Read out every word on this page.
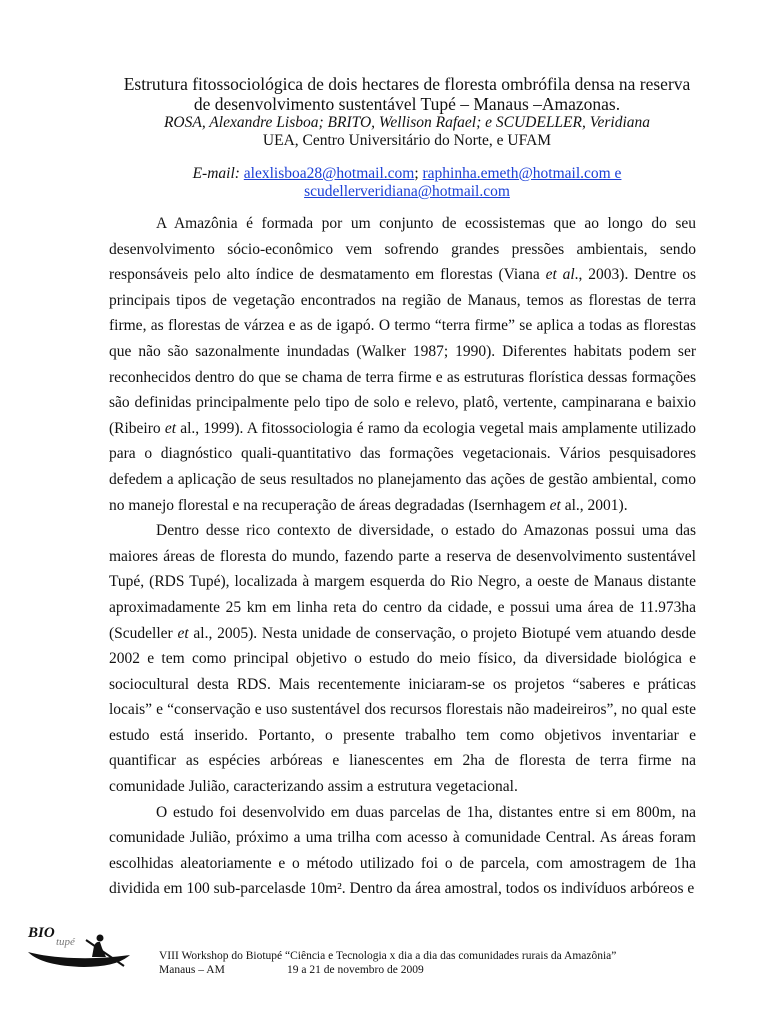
Estrutura fitossociológica de dois hectares de floresta ombrófila densa na reserva
de desenvolvimento sustentável Tupé – Manaus –Amazonas.
ROSA, Alexandre Lisboa; BRITO, Wellison Rafael; e SCUDELLER, Veridiana
UEA, Centro Universitário do Norte, e UFAM
E-mail: alexlisboa28@hotmail.com; raphinha.emeth@hotmail.com e
scudellerveridiana@hotmail.com

A Amazônia é formada por um conjunto de ecossistemas que ao longo do seu desenvolvimento sócio-econômico vem sofrendo grandes pressões ambientais, sendo responsáveis pelo alto índice de desmatamento em florestas (Viana et al., 2003). Dentre os principais tipos de vegetação encontrados na região de Manaus, temos as florestas de terra firme, as florestas de várzea e as de igapó. O termo “terra firme” se aplica a todas as florestas que não são sazonalmente inundadas (Walker 1987; 1990). Diferentes habitats podem ser reconhecidos dentro do que se chama de terra firme e as estruturas florística dessas formações são definidas principalmente pelo tipo de solo e relevo, platô, vertente, campinarana e baixio (Ribeiro et al., 1999). A fitossociologia é ramo da ecologia vegetal mais amplamente utilizado para o diagnóstico quali-quantitativo das formações vegetacionais. Vários pesquisadores defedem a aplicação de seus resultados no planejamento das ações de gestão ambiental, como no manejo florestal e na recuperação de áreas degradadas (Isernhagem et al., 2001).

Dentro desse rico contexto de diversidade, o estado do Amazonas possui uma das maiores áreas de floresta do mundo, fazendo parte a reserva de desenvolvimento sustentável Tupé, (RDS Tupé), localizada à margem esquerda do Rio Negro, a oeste de Manaus distante aproximadamente 25 km em linha reta do centro da cidade, e possui uma área de 11.973ha (Scudeller et al., 2005). Nesta unidade de conservação, o projeto Biotupé vem atuando desde 2002 e tem como principal objetivo o estudo do meio físico, da diversidade biológica e sociocultural desta RDS. Mais recentemente iniciaram-se os projetos “saberes e práticas locais” e “conservação e uso sustentável dos recursos florestais não madeireiros”, no qual este estudo está inserido. Portanto, o presente trabalho tem como objetivos inventariar e quantificar as espécies arbóreas e lianescentes em 2ha de floresta de terra firme na comunidade Julião, caracterizando assim a estrutura vegetacional.

O estudo foi desenvolvido em duas parcelas de 1ha, distantes entre si em 800m, na comunidade Julião, próximo a uma trilha com acesso à comunidade Central. As áreas foram escolhidas aleatoriamente e o método utilizado foi o de parcela, com amostragem de 1ha dividida em 100 sub-parcelasde 10m². Dentro da área amostral, todos os indivíduos arbóreos e

BIO
tupé
VIII Workshop do Biotupé “Ciência e Tecnologia x dia a dia das comunidades rurais da Amazônia”
Manaus – AM	19 a 21 de novembro de 2009
